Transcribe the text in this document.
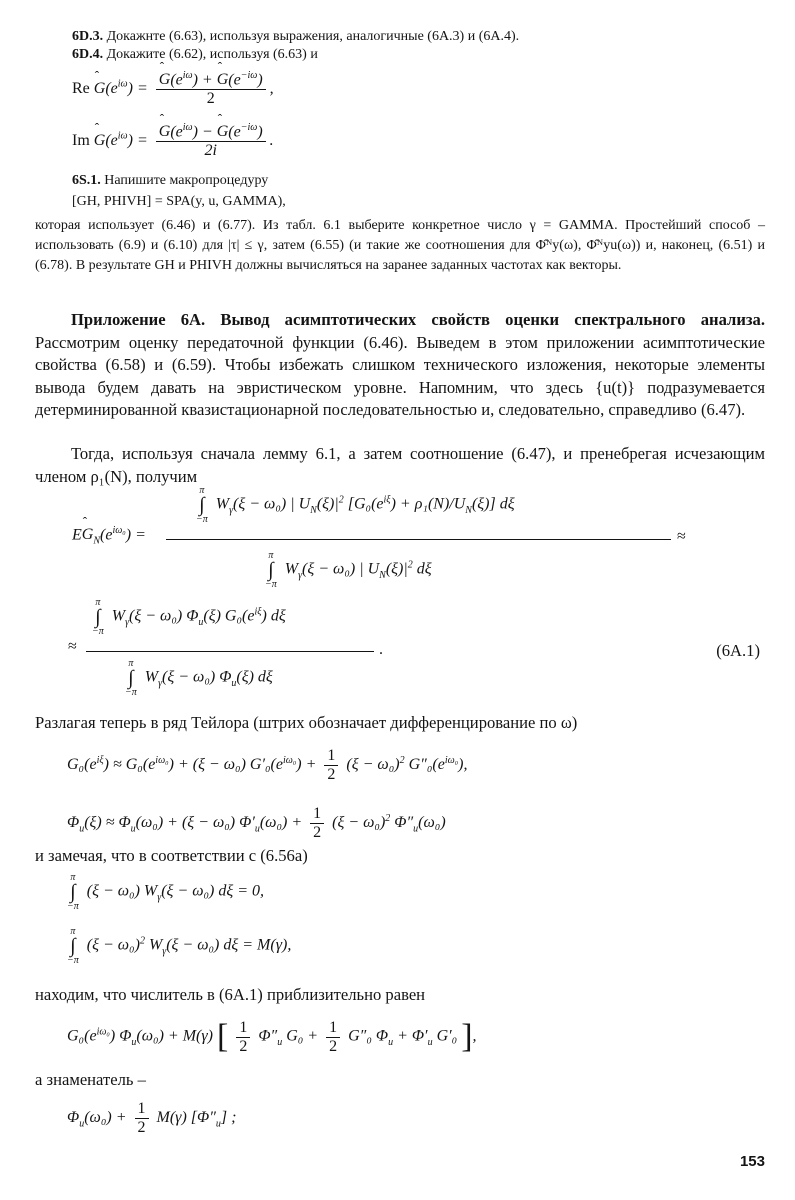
6D.3. Докажнте (6.63), используя выражения, аналогичные (6А.3) и (6А.4).
6D.4. Докажите (6.62), используя (6.63) и
Re ˆ $G(e^{i\omega})$ = ˆ $\frac{G(e^{i\omega}) + ˆ G(e^{-i\omega})}{2}$ ,
Im ˆ $G(e^{i\omega})$ = ˆ $\frac{G(e^{i\omega}) - ˆ G(e^{-i\omega})}{2i}$ .
6S.1. Напишите макропроцедуру
[GH, PHIVH] = SPA(y, u, GAMMA),
которая использует (6.46) и (6.77). Из табл. 6.1 выберите конкретное число γ = GAMMA. Простейший способ – использовать (6.9) и (6.10) для |τ| ≤ γ, затем (6.55) (и такие же соотношения для Φ̂ᴺy(ω), Φ̂ᴺyu(ω)) и, наконец, (6.51) и (6.78). В результате GH и PHIVH должны вычисляться на заранее заданных частотах как векторы.
Приложение 6А. Вывод асимптотических свойств оценки спектрального анализа. Рассмотрим оценку передаточной функции (6.46). Выведем в этом приложении асимптотические свойства (6.58) и (6.59). Чтобы избежать слишком технического изложения, некоторые элементы вывода будем давать на эвристическом уровне. Напомним, что здесь {u(t)} подразумевается детерминированной квазистационарной последовательностью и, следовательно, справедливо (6.47).
Тогда, используя сначала лемму 6.1, а затем соотношение (6.47), и пренебрегая исчезающим членом ρ₁(N), получим
Eˆ $G_N(e^{i\omega_0})$ =
π
∫
−π
$W_\gamma(\xi - \omega_0)$ | $U_N(\xi)|^2$ $[G_0(e^{i\xi}) + \rho_1(N)/U_N(\xi)]$ dξ
≈
π
∫
−π
$W_\gamma(\xi - \omega_0)$ | $U_N(\xi)|^2$ dξ
≈
π
∫
−π
$W_\gamma(\xi - \omega_0)$ $\Phi_u(\xi)$ $G_0(e^{i\xi})$ dξ
.
π
∫
−π
$W_\gamma(\xi - \omega_0)$ $\Phi_u(\xi)$ dξ
(6А.1)
Разлагая теперь в ряд Тейлора (штрих обозначает дифференцирование по ω)
$G_0(e^{i\xi}) \approx G_0(e^{i\omega_0}) + (\xi - \omega_0) G'_0(e^{i\omega_0}) + \frac{1}{2} (\xi - \omega_0)^2$ $G''_0(e^{i\omega_0})$,
$\Phi_u(\xi) \approx \Phi_u(\omega_0) + (\xi - \omega_0) \Phi'_u(\omega_0) + \frac{1}{2} (\xi - \omega_0)^2$ $\Phi''_u(\omega_0)$
и замечая, что в соответствии с (6.56а)
π
∫
−π
(ξ − ω₀) $W_\gamma(\xi - \omega_0) d\xi = 0$,
π
∫
−π
$(\xi - \omega_0)^2$ $W_\gamma(\xi - \omega_0) d\xi = M(\gamma)$,
находим, что числитель в (6А.1) приблизительно равен
$G_0(e^{i\omega_0}) \Phi_u(\omega_0) + M(\gamma)$ [ $\frac{1}{2} \Phi''_u$ $G_0 + \frac{1}{2} G''_0$ $\Phi_u + \Phi'_u$ G′₀ ],
а знаменатель –
$\Phi_u(\omega_0) + \frac{1}{2} M(\gamma)$ $[\Phi''_u]$ ;
153
